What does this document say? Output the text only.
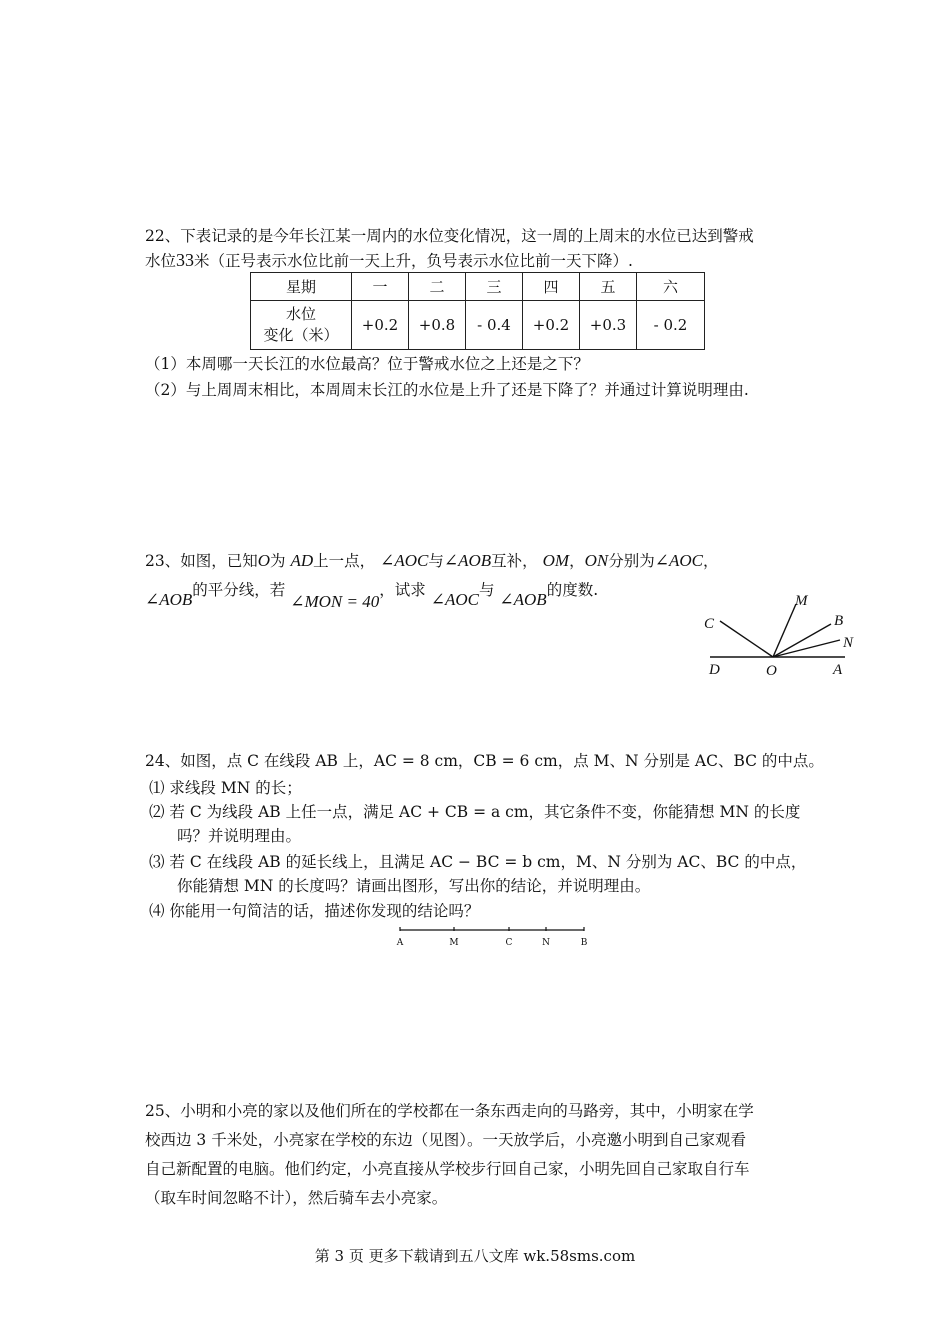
22、下表记录的是今年长江某一周内的水位变化情况，这一周的上周末的水位已达到警戒
水位33米（正号表示水位比前一天上升，负号表示水位比前一天下降）.
星期	一	二	三	四	五	六
水位
变化（米）	+0.2	+0.8	- 0.4	+0.2	+0.3	- 0.2
（1）本周哪一天长江的水位最高？位于警戒水位之上还是之下？
（2）与上周周末相比，本周周末长江的水位是上升了还是下降了？并通过计算说明理由.
23、如图，已知O为 AD上一点， ∠AOC与∠AOB互补， OM，ON分别为∠AOC，
∠AOB的平分线，若 ∠MON = 40，试求 ∠AOC与 ∠AOB的度数.
C
M
B
N
D	O	A
24、如图，点 C 在线段 AB 上，AC = 8 cm，CB = 6 cm，点 M、N 分别是 AC、BC 的中点。
⑴ 求线段 MN 的长；
⑵ 若 C 为线段 AB 上任一点，满足 AC + CB = a cm，其它条件不变，你能猜想 MN 的长度
吗？并说明理由。
⑶ 若 C 在线段 AB 的延长线上，且满足 AC − BC = b cm，M、N 分别为 AC、BC 的中点，
你能猜想 MN 的长度吗？请画出图形，写出你的结论，并说明理由。
⑷ 你能用一句简洁的话，描述你发现的结论吗？
A	M	C	N	B
25、小明和小亮的家以及他们所在的学校都在一条东西走向的马路旁，其中，小明家在学
校西边 3 千米处，小亮家在学校的东边（见图）。一天放学后，小亮邀小明到自己家观看
自己新配置的电脑。他们约定，小亮直接从学校步行回自己家，小明先回自己家取自行车
（取车时间忽略不计），然后骑车去小亮家。
第 3 页 更多下载请到五八文库 wk.58sms.com
